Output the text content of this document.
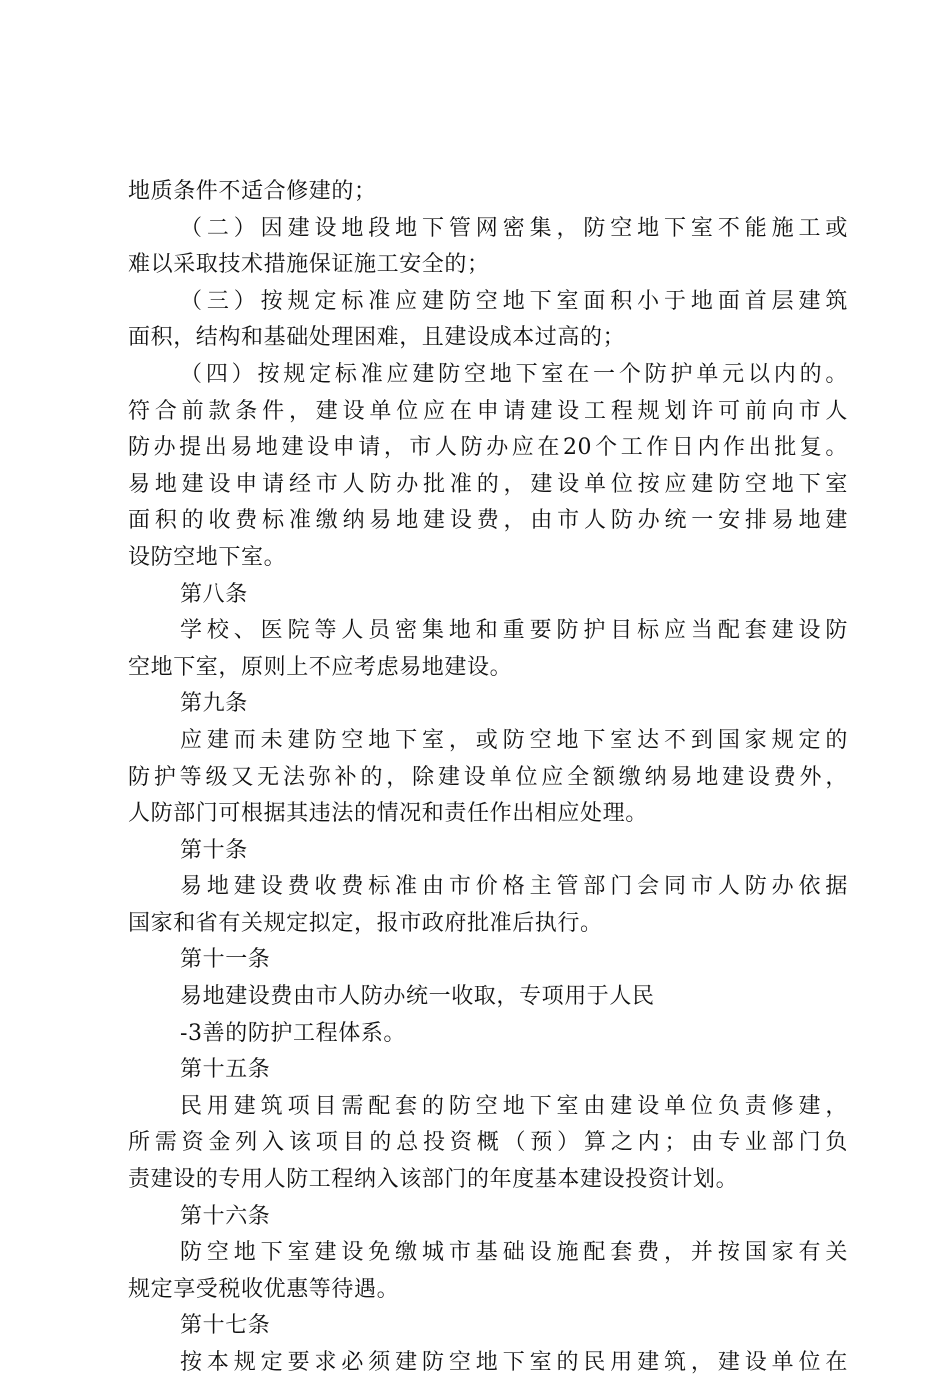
地质条件不适合修建的；
（二）因建设地段地下管网密集，防空地下室不能施工或
难以采取技术措施保证施工安全的；
（三）按规定标准应建防空地下室面积小于地面首层建筑
面积，结构和基础处理困难，且建设成本过高的；
（四）按规定标准应建防空地下室在一个防护单元以内的。
符合前款条件，建设单位应在申请建设工程规划许可前向市人
防办提出易地建设申请，市人防办应在20个工作日内作出批复。
易地建设申请经市人防办批准的，建设单位按应建防空地下室
面积的收费标准缴纳易地建设费，由市人防办统一安排易地建
设防空地下室。
第八条
学校、医院等人员密集地和重要防护目标应当配套建设防
空地下室，原则上不应考虑易地建设。
第九条
应建而未建防空地下室，或防空地下室达不到国家规定的
防护等级又无法弥补的，除建设单位应全额缴纳易地建设费外，
人防部门可根据其违法的情况和责任作出相应处理。
第十条
易地建设费收费标准由市价格主管部门会同市人防办依据
国家和省有关规定拟定，报市政府批准后执行。
第十一条
易地建设费由市人防办统一收取，专项用于人民
-3善的防护工程体系。
第十五条
民用建筑项目需配套的防空地下室由建设单位负责修建，
所需资金列入该项目的总投资概（预）算之内；由专业部门负
责建设的专用人防工程纳入该部门的年度基本建设投资计划。
第十六条
防空地下室建设免缴城市基础设施配套费，并按国家有关
规定享受税收优惠等待遇。
第十七条
按本规定要求必须建防空地下室的民用建筑，建设单位在
